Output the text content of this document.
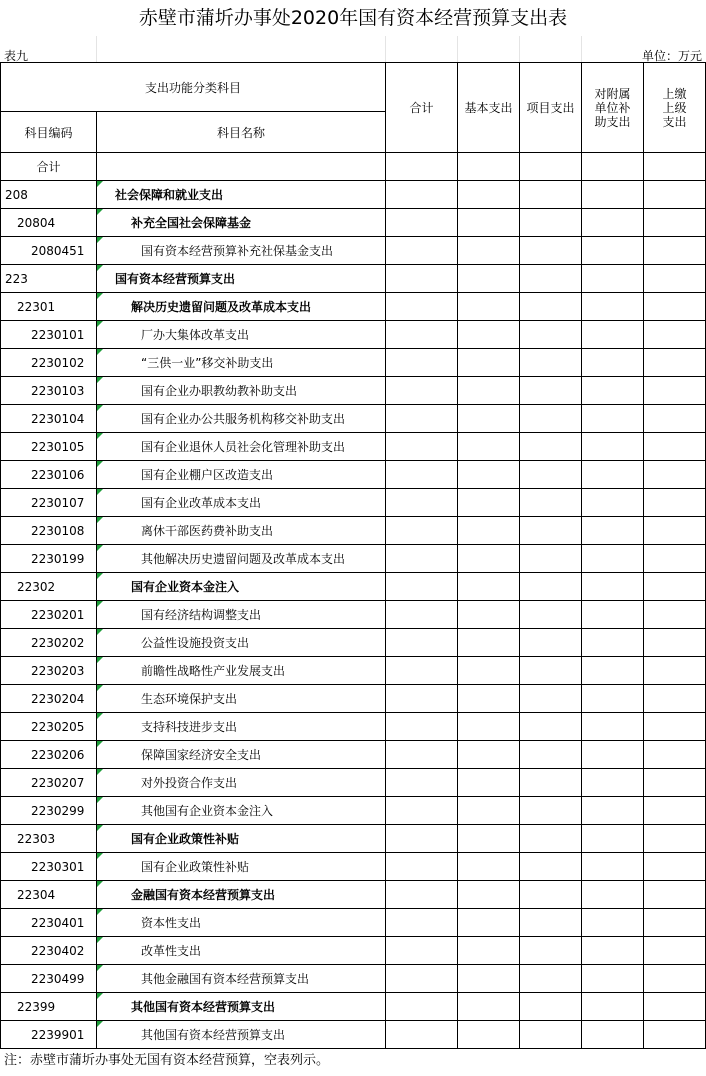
赤壁市蒲圻办事处2020年国有资本经营预算支出表
表九	单位：万元
支出功能分类科目		合计	基本支出	项目支出	对附属单位补助支出	上缴上级支出
科目编码	科目名称					
合计						
208	社会保障和就业支出					
20804	补充全国社会保障基金					
2080451	国有资本经营预算补充社保基金支出					
223	国有资本经营预算支出					
22301	解决历史遗留问题及改革成本支出					
2230101	厂办大集体改革支出					
2230102	“三供一业”移交补助支出					
2230103	国有企业办职教幼教补助支出					
2230104	国有企业办公共服务机构移交补助支出					
2230105	国有企业退休人员社会化管理补助支出					
2230106	国有企业棚户区改造支出					
2230107	国有企业改革成本支出					
2230108	离休干部医药费补助支出					
2230199	其他解决历史遗留问题及改革成本支出					
22302	国有企业资本金注入					
2230201	国有经济结构调整支出					
2230202	公益性设施投资支出					
2230203	前瞻性战略性产业发展支出					
2230204	生态环境保护支出					
2230205	支持科技进步支出					
2230206	保障国家经济安全支出					
2230207	对外投资合作支出					
2230299	其他国有企业资本金注入					
22303	国有企业政策性补贴					
2230301	国有企业政策性补贴					
22304	金融国有资本经营预算支出					
2230401	资本性支出					
2230402	改革性支出					
2230499	其他金融国有资本经营预算支出					
22399	其他国有资本经营预算支出					
2239901	其他国有资本经营预算支出					
注：赤壁市蒲圻办事处无国有资本经营预算，空表列示。
